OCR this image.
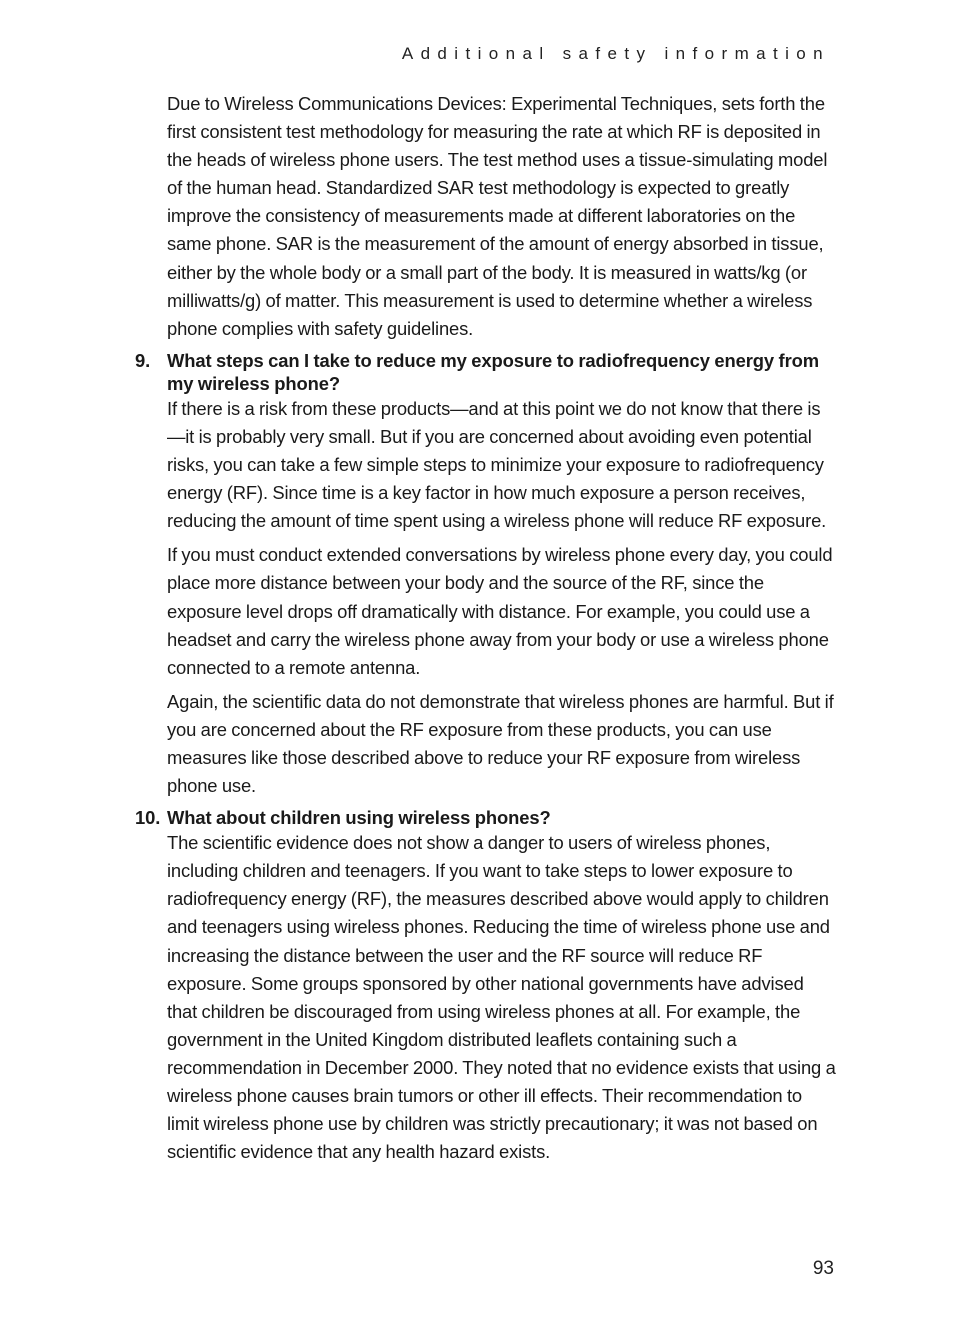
Additional safety information

Due to Wireless Communications Devices: Experimental Techniques, sets forth the first consistent test methodology for measuring the rate at which RF is deposited in the heads of wireless phone users. The test method uses a tissue-simulating model of the human head. Standardized SAR test methodology is expected to greatly improve the consistency of measurements made at different laboratories on the same phone. SAR is the measurement of the amount of energy absorbed in tissue, either by the whole body or a small part of the body. It is measured in watts/kg (or milliwatts/g) of matter. This measurement is used to determine whether a wireless phone complies with safety guidelines.

9. What steps can I take to reduce my exposure to radiofrequency energy from my wireless phone?

If there is a risk from these products—and at this point we do not know that there is—it is probably very small. But if you are concerned about avoiding even potential risks, you can take a few simple steps to minimize your exposure to radiofrequency energy (RF). Since time is a key factor in how much exposure a person receives, reducing the amount of time spent using a wireless phone will reduce RF exposure.

If you must conduct extended conversations by wireless phone every day, you could place more distance between your body and the source of the RF, since the exposure level drops off dramatically with distance. For example, you could use a headset and carry the wireless phone away from your body or use a wireless phone connected to a remote antenna.

Again, the scientific data do not demonstrate that wireless phones are harmful. But if you are concerned about the RF exposure from these products, you can use measures like those described above to reduce your RF exposure from wireless phone use.

10. What about children using wireless phones?

The scientific evidence does not show a danger to users of wireless phones, including children and teenagers. If you want to take steps to lower exposure to radiofrequency energy (RF), the measures described above would apply to children and teenagers using wireless phones. Reducing the time of wireless phone use and increasing the distance between the user and the RF source will reduce RF exposure. Some groups sponsored by other national governments have advised that children be discouraged from using wireless phones at all. For example, the government in the United Kingdom distributed leaflets containing such a recommendation in December 2000. They noted that no evidence exists that using a wireless phone causes brain tumors or other ill effects. Their recommendation to limit wireless phone use by children was strictly precautionary; it was not based on scientific evidence that any health hazard exists.

93
